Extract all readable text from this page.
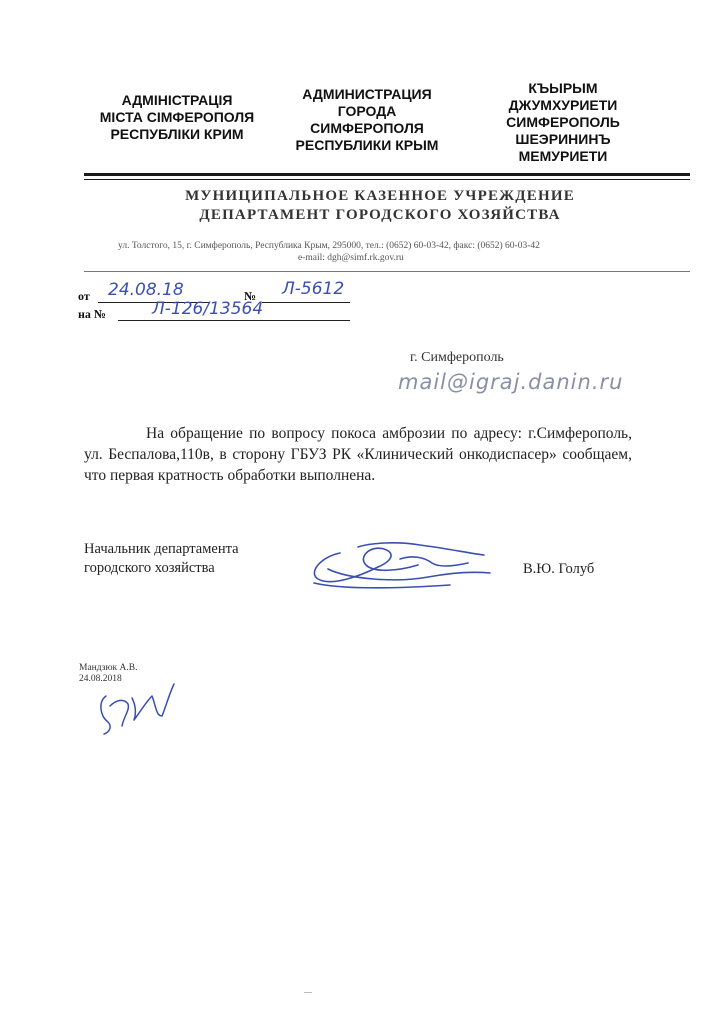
АДМІНІСТРАЦІЯ
МІСТА СІМФЕРОПОЛЯ
РЕСПУБЛІКИ КРИМ
АДМИНИСТРАЦИЯ
ГОРОДА
СИМФЕРОПОЛЯ
РЕСПУБЛИКИ КРЫМ
КЪЫРЫМ
ДЖУМХУРИЕТИ
СИМФЕРОПОЛЬ
ШЕЭРИНИНЪ
МЕМУРИЕТИ
МУНИЦИПАЛЬНОЕ КАЗЕННОЕ УЧРЕЖДЕНИЕ
ДЕПАРТАМЕНТ ГОРОДСКОГО ХОЗЯЙСТВА
ул. Толстого, 15, г. Симферополь, Республика Крым, 295000, тел.: (0652) 60-03-42, факс: (0652) 60-03-42
e-mail: dgh@simf.rk.gov.ru
от 24.08.18	№ Л-5612
на №	Л-126/13564
г. Симферополь
mail@igraj.danin.ru
На обращение по вопросу покоса амброзии по адресу: г.Симферополь, ул. Беспалова,110в, в сторону ГБУЗ РК «Клинический онкодиспасер» сообщаем, что первая кратность обработки выполнена.
Начальник департамента
городского хозяйства	В.Ю. Голуб
Мандзюк А.В.
24.08.2018
